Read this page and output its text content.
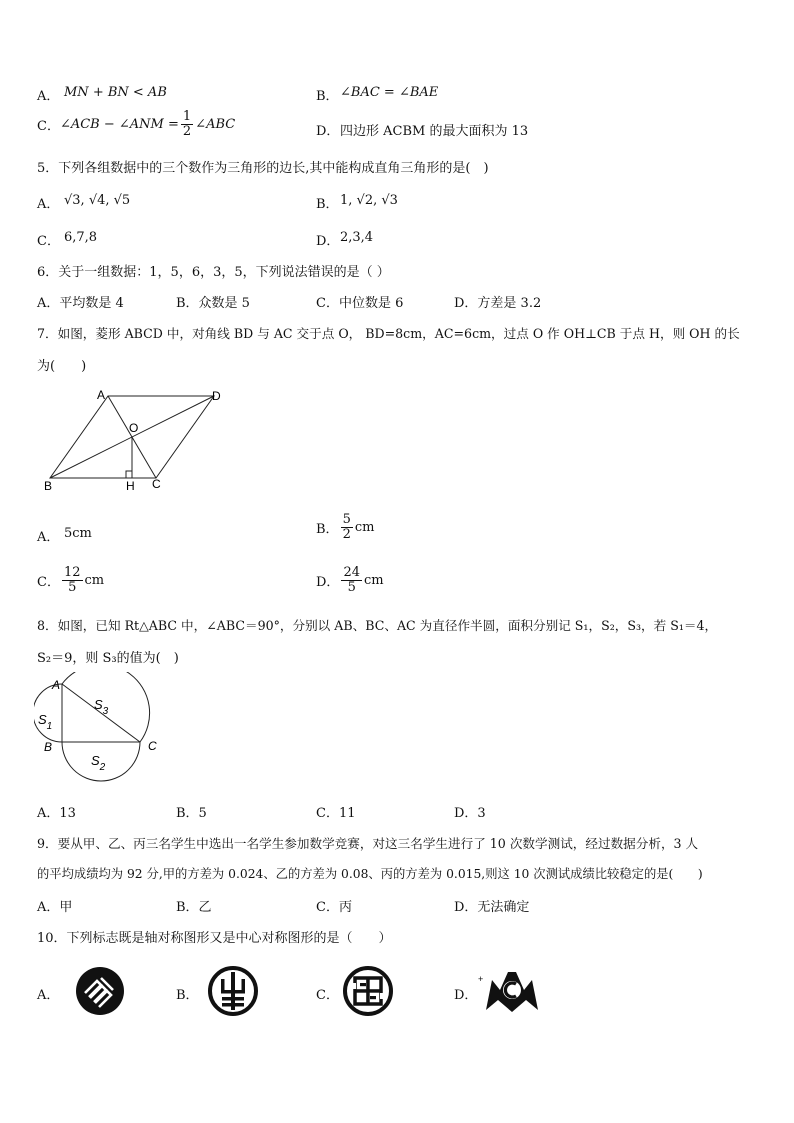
A． MN + BN < AB	B． ∠BAC = ∠BAE
C． ∠ACB − ∠ANM = $\frac{1}{2}$ ∠ABC	D． 四边形 ACBM 的最大面积为 13
5．下列各组数据中的三个数作为三角形的边长,其中能构成直角三角形的是(　)
A． √3, √4, √5	B． 1, √2, √3
C． 6,7,8	D． 2,3,4
6．关于一组数据：1，5，6，3，5，下列说法错误的是（ ）
A．平均数是 4	B．众数是 5	C．中位数是 6	D．方差是 3.2
7．如图，菱形 ABCD 中，对角线 BD 与 AC 交于点 O， BD=8cm，AC=6cm，过点 O 作 OH⊥CB 于点 H，则 OH 的长
为(　　)
A	D
O
B	H C
A． 5cm	B． $\frac{5}{2}$ cm
C． $\frac{12}{5}$ cm	D． $\frac{24}{5}$ cm
8．如图，已知 Rt△ABC 中，∠ABC＝90°，分别以 AB、BC、AC 为直径作半圆，面积分别记 S₁，S₂，S₃，若 S₁＝4，
S₂＝9，则 S₃的值为(　)
A
B	C
$S_1$
$S_3$
$S_2$
A．13	B．5	C．11	D．3
9．要从甲、乙、丙三名学生中选出一名学生参加数学竞赛，对这三名学生进行了 10 次数学测试，经过数据分析，3 人
的平均成绩均为 92 分,甲的方差为 0.024、乙的方差为 0.08、丙的方差为 0.015,则这 10 次测试成绩比较稳定的是(　　)
A．甲	B．乙	C．丙	D．无法确定
10．下列标志既是轴对称图形又是中心对称图形的是（　　）
A．	B．	C．	D．
+
